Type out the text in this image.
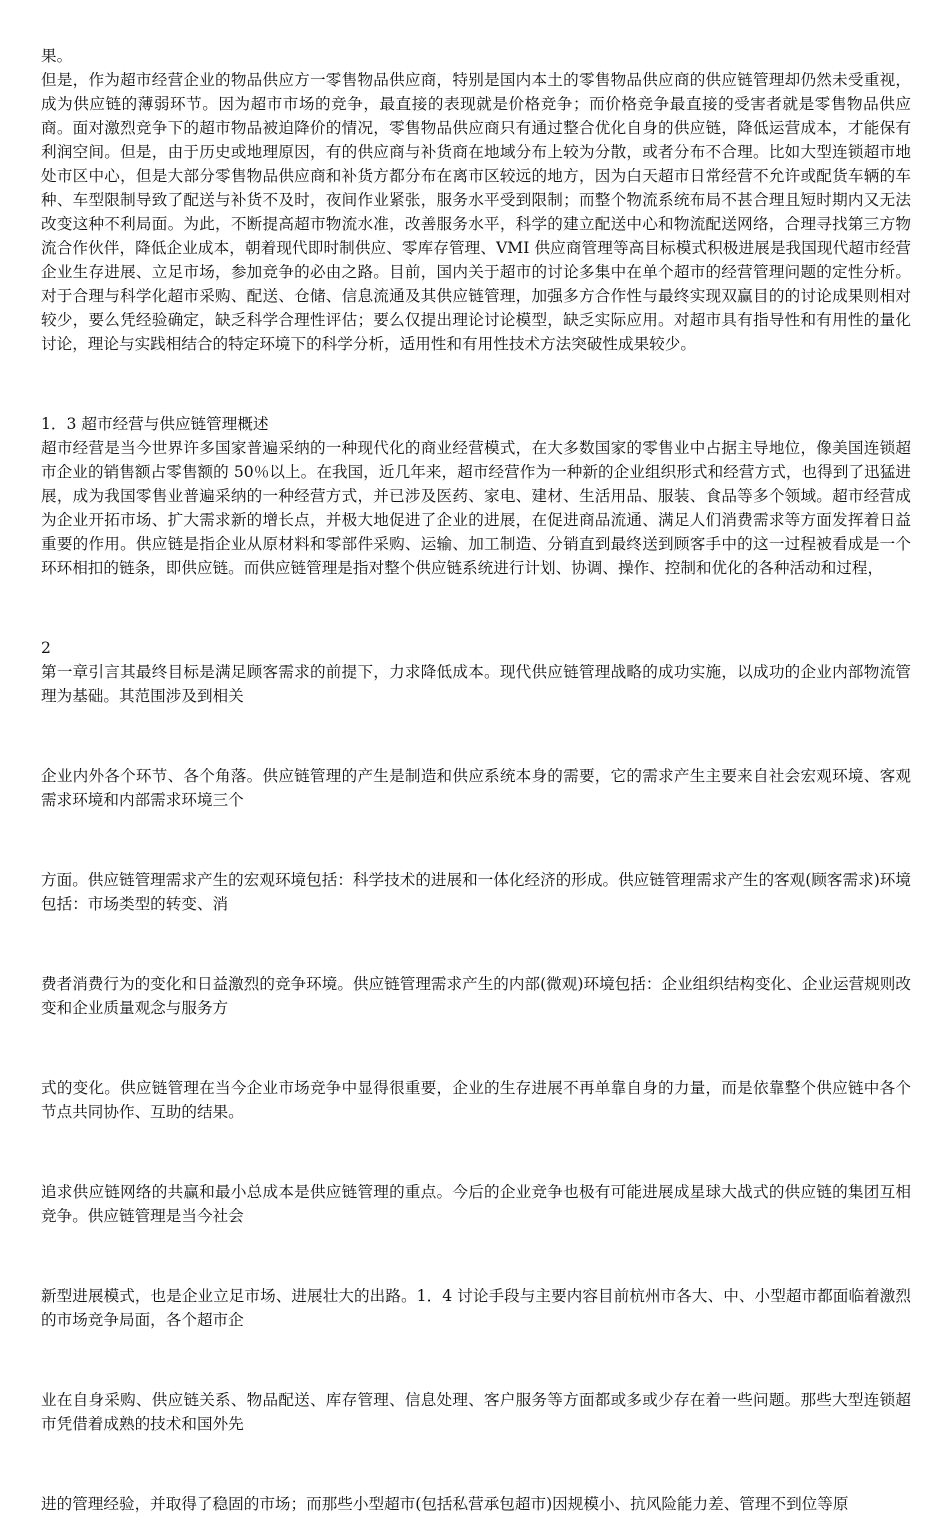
果。

但是，作为超市经营企业的物品供应方一零售物品供应商，特别是国内本土的零售物品供应商的供应链管理却仍然未受重视，成为供应链的薄弱环节。因为超市市场的竞争，最直接的表现就是价格竞争；而价格竞争最直接的受害者就是零售物品供应商。面对激烈竞争下的超市物品被迫降价的情况，零售物品供应商只有通过整合优化自身的供应链，降低运营成本，才能保有利润空间。但是，由于历史或地理原因，有的供应商与补货商在地域分布上较为分散，或者分布不合理。比如大型连锁超市地处市区中心，但是大部分零售物品供应商和补货方都分布在离市区较远的地方，因为白天超市日常经营不允许或配货车辆的车种、车型限制导致了配送与补货不及时，夜间作业紧张，服务水平受到限制；而整个物流系统布局不甚合理且短时期内又无法改变这种不利局面。为此，不断提高超市物流水准，改善服务水平，科学的建立配送中心和物流配送网络，合理寻找第三方物流合作伙伴，降低企业成本，朝着现代即时制供应、零库存管理、VMI 供应商管理等高目标模式积极进展是我国现代超市经营企业生存进展、立足市场，参加竞争的必由之路。目前，国内关于超市的讨论多集中在单个超市的经营管理问题的定性分析。对于合理与科学化超市采购、配送、仓储、信息流通及其供应链管理，加强多方合作性与最终实现双赢目的的讨论成果则相对较少，要么凭经验确定，缺乏科学合理性评估；要么仅提出理论讨论模型，缺乏实际应用。对超市具有指导性和有用性的量化讨论，理论与实践相结合的特定环境下的科学分析，适用性和有用性技术方法突破性成果较少。

1．3 超市经营与供应链管理概述

超市经营是当今世界许多国家普遍采纳的一种现代化的商业经营模式，在大多数国家的零售业中占据主导地位，像美国连锁超市企业的销售额占零售额的 50％以上。在我国，近几年来，超市经营作为一种新的企业组织形式和经营方式，也得到了迅猛进展，成为我国零售业普遍采纳的一种经营方式，并已涉及医药、家电、建材、生活用品、服装、食品等多个领域。超市经营成为企业开拓市场、扩大需求新的增长点，并极大地促进了企业的进展，在促进商品流通、满足人们消费需求等方面发挥着日益重要的作用。供应链是指企业从原材料和零部件采购、运输、加工制造、分销直到最终送到顾客手中的这一过程被看成是一个环环相扣的链条，即供应链。而供应链管理是指对整个供应链系统进行计划、协调、操作、控制和优化的各种活动和过程，

2

第一章引言其最终目标是满足顾客需求的前提下，力求降低成本。现代供应链管理战略的成功实施，以成功的企业内部物流管理为基础。其范围涉及到相关

企业内外各个环节、各个角落。供应链管理的产生是制造和供应系统本身的需要，它的需求产生主要来自社会宏观环境、客观需求环境和内部需求环境三个

方面。供应链管理需求产生的宏观环境包括：科学技术的进展和一体化经济的形成。供应链管理需求产生的客观(顾客需求)环境包括：市场类型的转变、消

费者消费行为的变化和日益激烈的竞争环境。供应链管理需求产生的内部(微观)环境包括：企业组织结构变化、企业运营规则改变和企业质量观念与服务方

式的变化。供应链管理在当今企业市场竞争中显得很重要，企业的生存进展不再单靠自身的力量，而是依靠整个供应链中各个节点共同协作、互助的结果。

追求供应链网络的共赢和最小总成本是供应链管理的重点。今后的企业竞争也极有可能进展成星球大战式的供应链的集团互相竞争。供应链管理是当今社会

新型进展模式，也是企业立足市场、进展壮大的出路。1．4 讨论手段与主要内容目前杭州市各大、中、小型超市都面临着激烈的市场竞争局面，各个超市企

业在自身采购、供应链关系、物品配送、库存管理、信息处理、客户服务等方面都或多或少存在着一些问题。那些大型连锁超市凭借着成熟的技术和国外先

进的管理经验，并取得了稳固的市场；而那些小型超市(包括私营承包超市)因规模小、抗风险能力差、管理不到位等原
